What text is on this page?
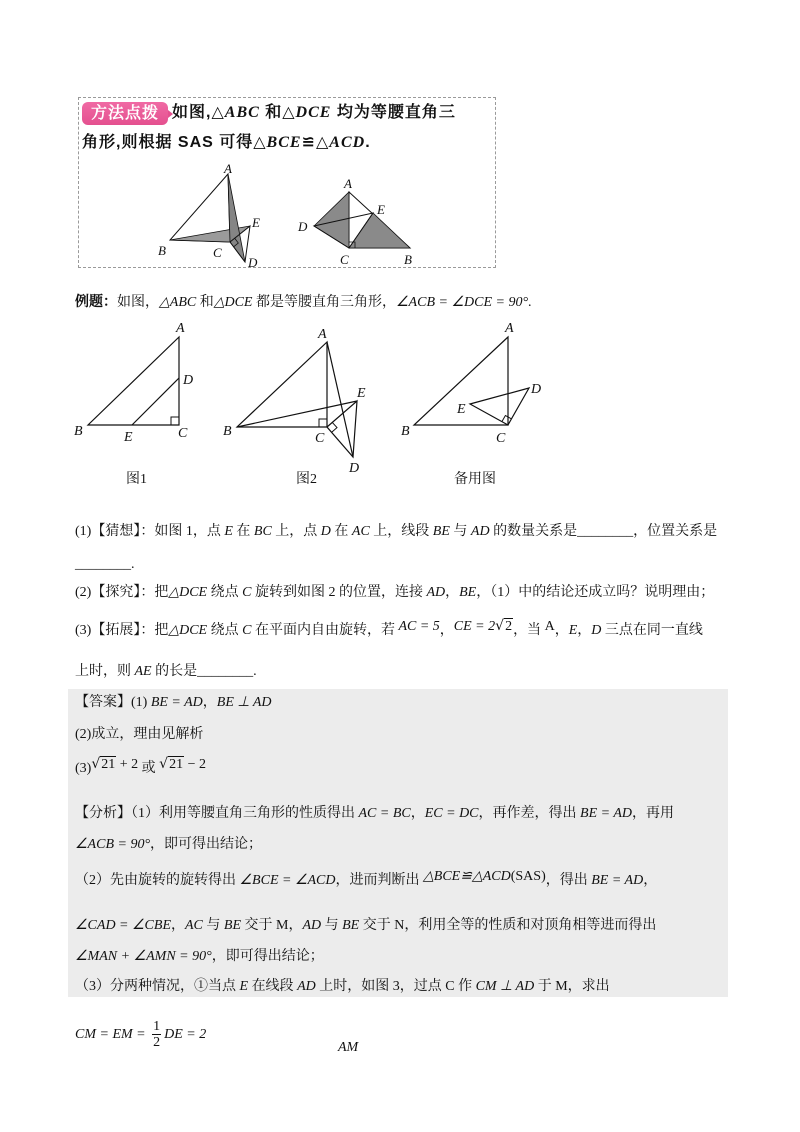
方法点拨 如图,△ABC 和△DCE 均为等腰直角三
角形,则根据 SAS 可得△BCE≌△ACD.
A
B	C
E
D
A
E
D
C	B
例题：如图，△ABC 和△DCE 都是等腰直角三角形，∠ACB = ∠DCE = 90°.
A
B	C
D
E
A
B	C
E
D
A
B	C
E
D
图1	图2	备用图
(1)【猜想】：如图 1，点 E 在 BC 上，点 D 在 AC 上，线段 BE 与 AD 的数量关系是________，位置关系是
________.
(2)【探究】：把△DCE 绕点 C 旋转到如图 2 的位置，连接 AD，BE，（1）中的结论还成立吗？说明理由；
(3)【拓展】：把△DCE 绕点 C 在平面内自由旋转，若 AC = 5，CE = 2√2，当 A，E，D 三点在同一直线
上时，则 AE 的长是________.
【答案】(1) BE = AD，BE ⊥ AD
(2)成立，理由见解析
(3)√21 + 2 或 √21 − 2
【分析】（1）利用等腰直角三角形的性质得出 AC = BC，EC = DC，再作差，得出 BE = AD，再用
∠ACB = 90°，即可得出结论；
（2）先由旋转的旋转得出 ∠BCE = ∠ACD，进而判断出 △BCE≌△ACD(SAS)，得出 BE = AD，
∠CAD = ∠CBE，AC 与 BE 交于 M，AD 与 BE 交于 N，利用全等的性质和对顶角相等进而得出
∠MAN + ∠AMN = 90°，即可得出结论；
（3）分两种情况，①当点 E 在线段 AD 上时，如图 3，过点 C 作 CM ⊥ AD 于 M，求出
CM = EM = $\frac{1}{2}$ DE = 2
AM
